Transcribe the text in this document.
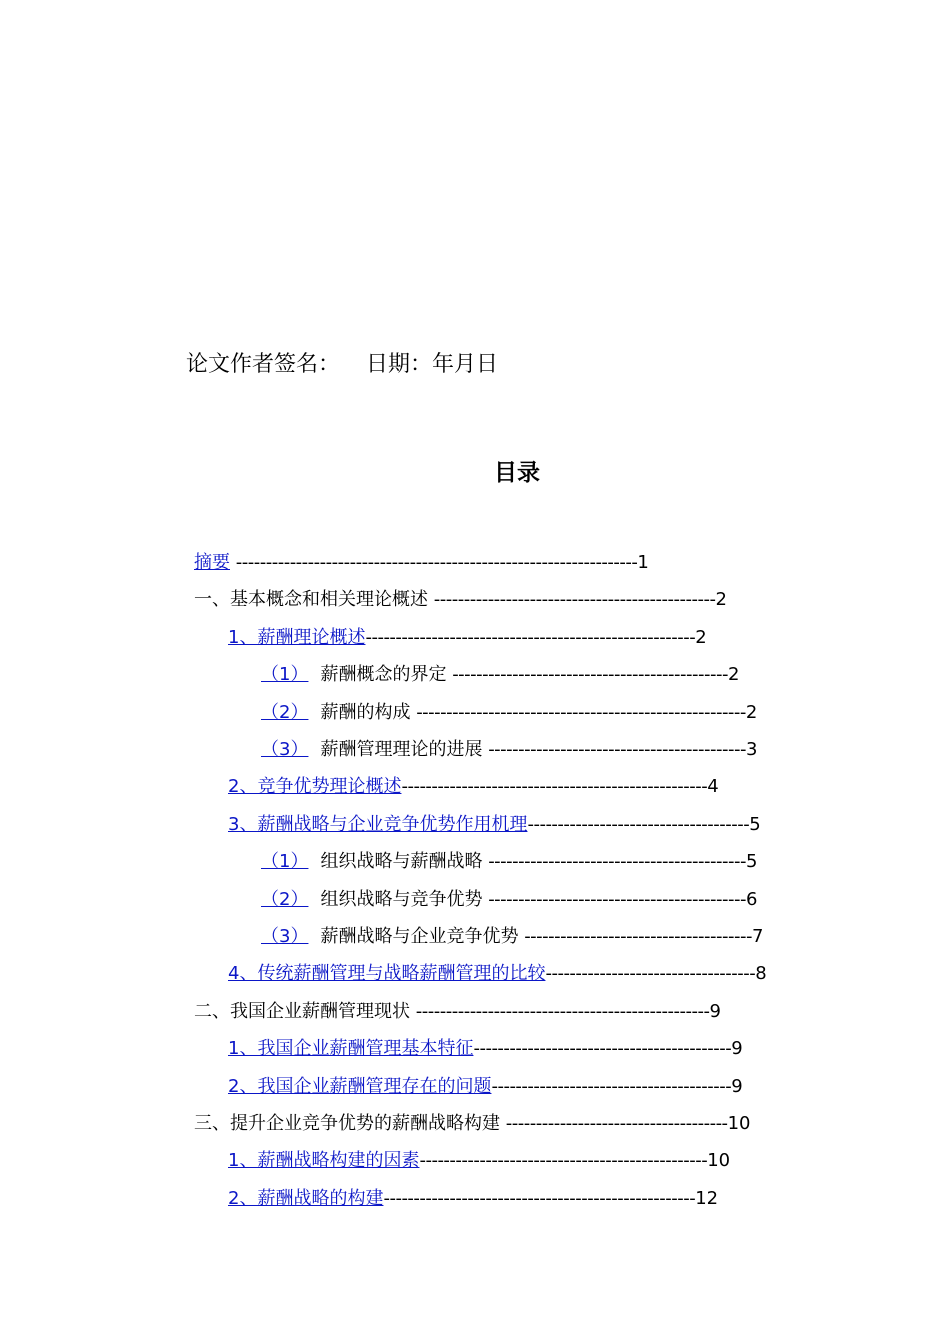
论文作者签名： 日期：年月日
目录
摘要 -------------------------------------------------------------------1
一、基本概念和相关理论概述 -----------------------------------------------2
1、薪酬理论概述-------------------------------------------------------2
（1） 薪酬概念的界定 ----------------------------------------------2
（2） 薪酬的构成 -------------------------------------------------------2
（3） 薪酬管理理论的进展 -------------------------------------------3
2、竞争优势理论概述---------------------------------------------------4
3、薪酬战略与企业竞争优势作用机理-------------------------------------5
（1） 组织战略与薪酬战略 -------------------------------------------5
（2） 组织战略与竞争优势 -------------------------------------------6
（3） 薪酬战略与企业竞争优势 --------------------------------------7
4、传统薪酬管理与战略薪酬管理的比较-----------------------------------8
二、我国企业薪酬管理现状 -------------------------------------------------9
1、我国企业薪酬管理基本特征-------------------------------------------9
2、我国企业薪酬管理存在的问题----------------------------------------9
三、提升企业竞争优势的薪酬战略构建 -------------------------------------10
1、薪酬战略构建的因素------------------------------------------------10
2、薪酬战略的构建----------------------------------------------------12
